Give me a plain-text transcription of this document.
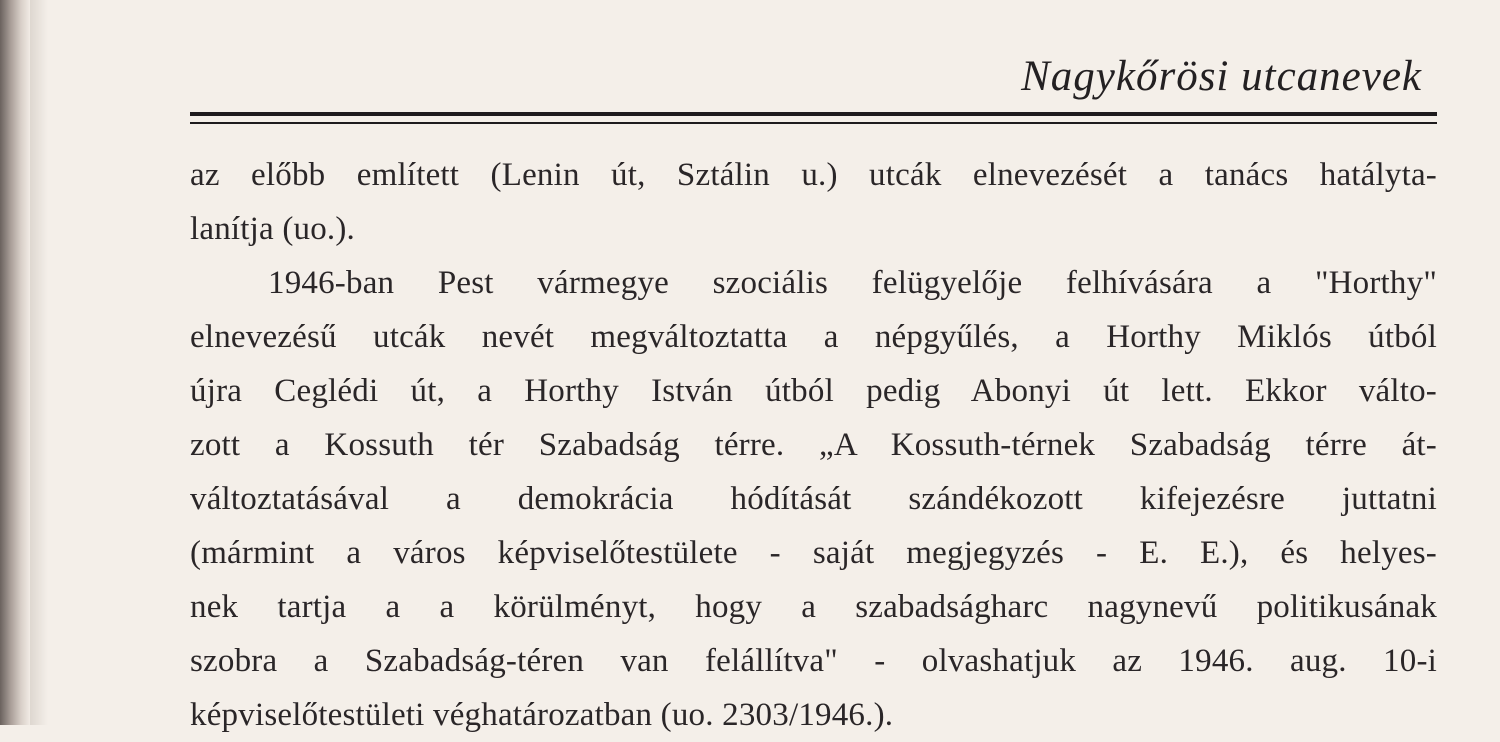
Nagykőrösi utcanevek
az előbb említett (Lenin út, Sztálin u.) utcák elnevezését a tanács hatályta-
lanítja (uo.).
1946-ban Pest vármegye szociális felügyelője felhívására a "Horthy"
elnevezésű utcák nevét megváltoztatta a népgyűlés, a Horthy Miklós útból
újra Ceglédi út, a Horthy István útból pedig Abonyi út lett. Ekkor válto-
zott a Kossuth tér Szabadság térre. „A Kossuth-térnek Szabadság térre át-
változtatásával a demokrácia hódítását szándékozott kifejezésre juttatni
(mármint a város képviselőtestülete - saját megjegyzés - E. E.), és helyes-
nek tartja a a körülményt, hogy a szabadságharc nagynevű politikusának
szobra a Szabadság-téren van felállítva" - olvashatjuk az 1946. aug. 10-i
képviselőtestületi véghatározatban (uo. 2303/1946.).
